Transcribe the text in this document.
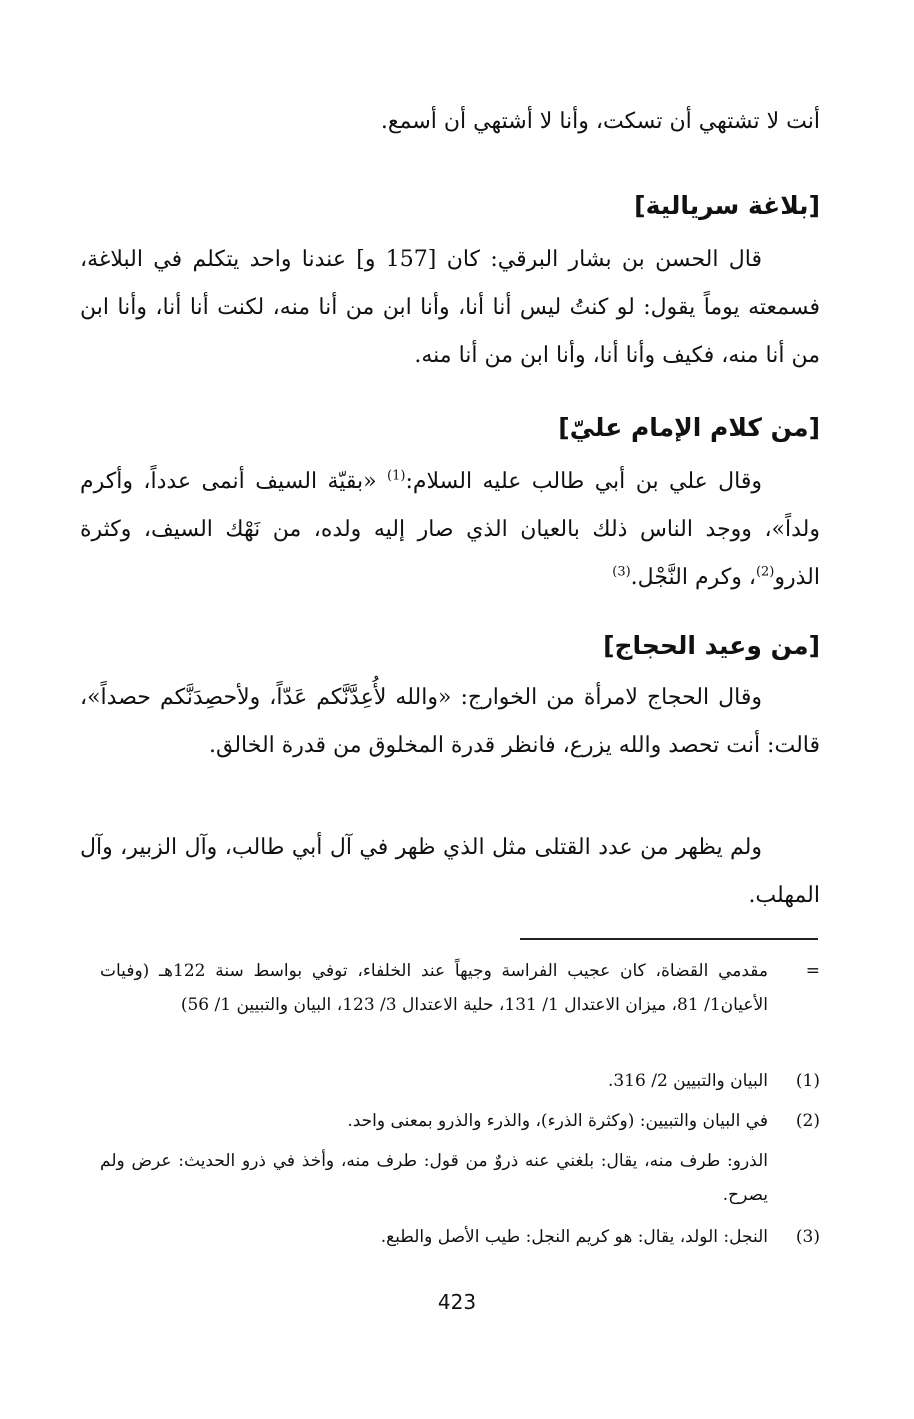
أنت لا تشتهي أن تسكت، وأنا لا أشتهي أن أسمع.

[بلاغة سريالية]

قال الحسن بن بشار البرقي: كان [157 و] عندنا واحد يتكلم في البلاغة، فسمعته يوماً يقول: لو كنتُ ليس أنا أنا، وأنا ابن من أنا منه، لكنت أنا أنا، وأنا ابن من أنا منه، فكيف وأنا أنا، وأنا ابن من أنا منه.

[من كلام الإمام عليّ]

وقال علي بن أبي طالب عليه السلام:$^{(1)}$ «بقيّة السيف أنمى عدداً، وأكرم ولداً»، ووجد الناس ذلك بالعيان الذي صار إليه ولده، من نَهْك السيف، وكثرة الذرو$^{(2)}$، وكرم النَّجْل.$^{(3)}$

[من وعيد الحجاج]

وقال الحجاج لامرأة من الخوارج: «والله لأُعِدَّنَّكم عَدّاً، ولأحصِدَنَّكم حصداً»، قالت: أنت تحصد والله يزرع، فانظر قدرة المخلوق من قدرة الخالق.

ولم يظهر من عدد القتلى مثل الذي ظهر في آل أبي طالب، وآل الزبير، وآل المهلب.

=
مقدمي القضاة، كان عجيب الفراسة وجيهاً عند الخلفاء، توفي بواسط سنة 122هـ (وفيات الأعيان1/ 81، ميزان الاعتدال 1/ 131، حلية الاعتدال 3/ 123، البيان والتبيين 1/ 56)
(1)
البيان والتبيين 2/ 316.
(2)
في البيان والتبيين: (وكثرة الذرء)، والذرء والذرو بمعنى واحد.
الذرو: طرف منه، يقال: بلغني عنه ذروٌ من قول: طرف منه، وأخذ في ذرو الحديث: عرض ولم يصرح.
(3)
النجل: الولد، يقال: هو كريم النجل: طيب الأصل والطبع.
423
